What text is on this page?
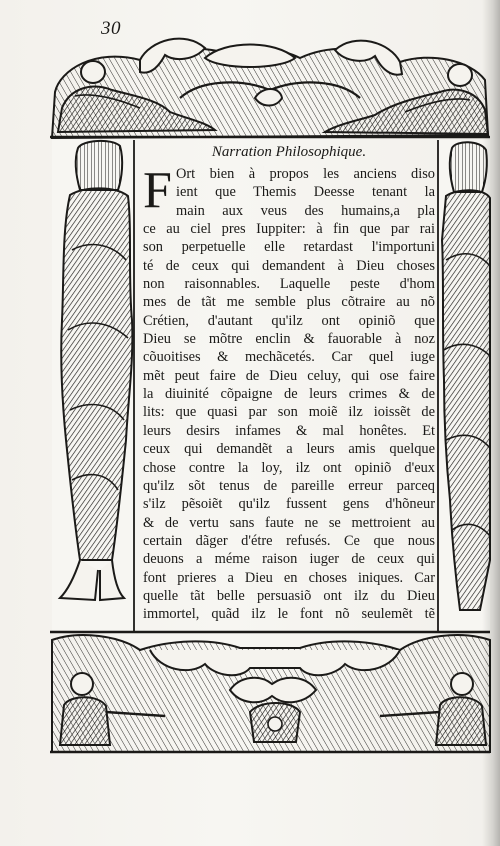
30
Narration Philosophique.
F Ort bien à propos les anciens diso
ient que Themis Deesse tenant la
main aux veus des humains,a pla
ce au ciel pres Iuppiter: à fin que par rai
son perpetuelle elle retardast l'importuni
té de ceux qui demandent à Dieu choses
non raisonnables. Laquelle peste d'hom
mes de tãt me semble plus cõtraire au nõ
Crétien, d'autant qu'ilz ont opiniõ que
Dieu se mõtre enclin & fauorable à noz
cõuoitises & mechãcetés. Car quel iuge
mẽt peut faire de Dieu celuy, qui ose faire
la diuinité cõpaigne de leurs crimes & de
lits: que quasi par son moiẽ ilz ioissẽt de
leurs desirs infames & mal honêtes. Et
ceux qui demandẽt a leurs amis quelque
chose contre la loy, ilz ont opiniõ d'eux
qu'ilz sõt tenus de pareille erreur parceq
s'ilz pẽsoiẽt qu'ilz fussent gens d'hõneur
& de vertu sans faute ne se mettroient au
certain dãger d'étre refusés. Ce que nous
deuons a méme raison iuger de ceux qui
font prieres a Dieu en choses iniques. Car
quelle tãt belle persuasiõ ont ilz du Dieu
immortel, quãd ilz le font nõ seulemẽt tẽ
